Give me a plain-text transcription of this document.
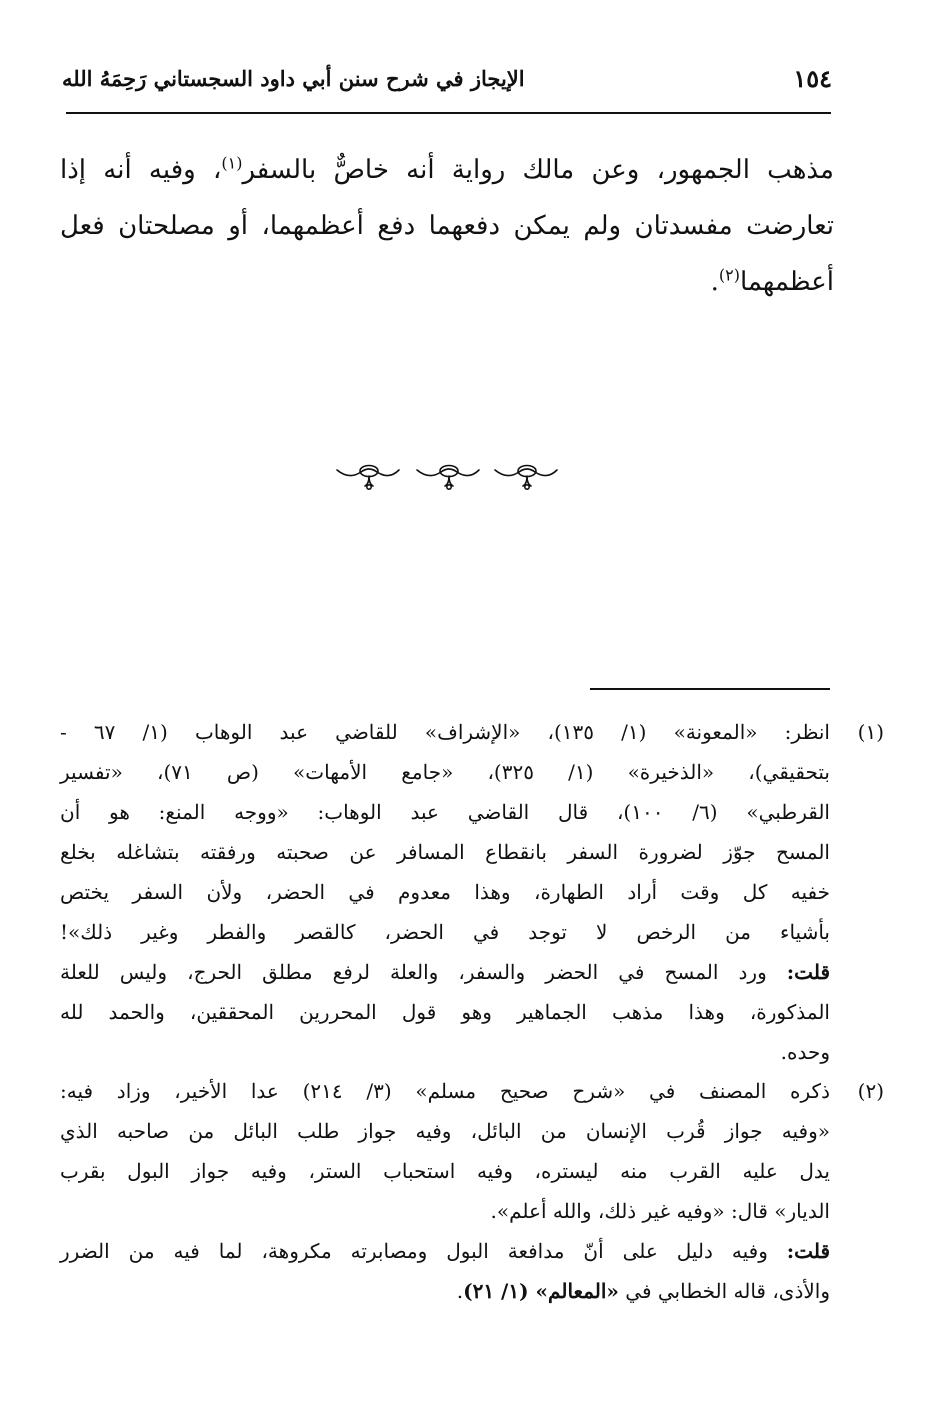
١٥٤
الإيجاز في شرح سنن أبي داود السجستاني رَحِمَهُ الله
مذهب الجمهور، وعن مالك رواية أنه خاصٌّ بالسفر$^{(١)}$، وفيه أنه إذا تعارضت مفسدتان ولم يمكن دفعهما دفع أعظمهما، أو مصلحتان فعل أعظمهما$^{(٢)}$.
(١)
انظر: «المعونة» (١/ ١٣٥)، «الإشراف» للقاضي عبد الوهاب (١/ ٦٧ -
بتحقيقي)، «الذخيرة» (١/ ٣٢٥)، «جامع الأمهات» (ص ٧١)، «تفسير
القرطبي» (٦/ ١٠٠)، قال القاضي عبد الوهاب: «ووجه المنع: هو أن
المسح جوّز لضرورة السفر بانقطاع المسافر عن صحبته ورفقته بتشاغله بخلع
خفيه كل وقت أراد الطهارة، وهذا معدوم في الحضر، ولأن السفر يختص
بأشياء من الرخص لا توجد في الحضر، كالقصر والفطر وغير ذلك»!
قلت: ورد المسح في الحضر والسفر، والعلة لرفع مطلق الحرج، وليس للعلة
المذكورة، وهذا مذهب الجماهير وهو قول المحررين المحققين، والحمد لله
وحده.
(٢)
ذكره المصنف في «شرح صحيح مسلم» (٣/ ٢١٤) عدا الأخير، وزاد فيه:
«وفيه جواز قُرب الإنسان من البائل، وفيه جواز طلب البائل من صاحبه الذي
يدل عليه القرب منه ليستره، وفيه استحباب الستر، وفيه جواز البول بقرب
الديار» قال: «وفيه غير ذلك، والله أعلم».
قلت: وفيه دليل على أنّ مدافعة البول ومصابرته مكروهة، لما فيه من الضرر
والأذى، قاله الخطابي في «المعالم» (١/ ٢١).
